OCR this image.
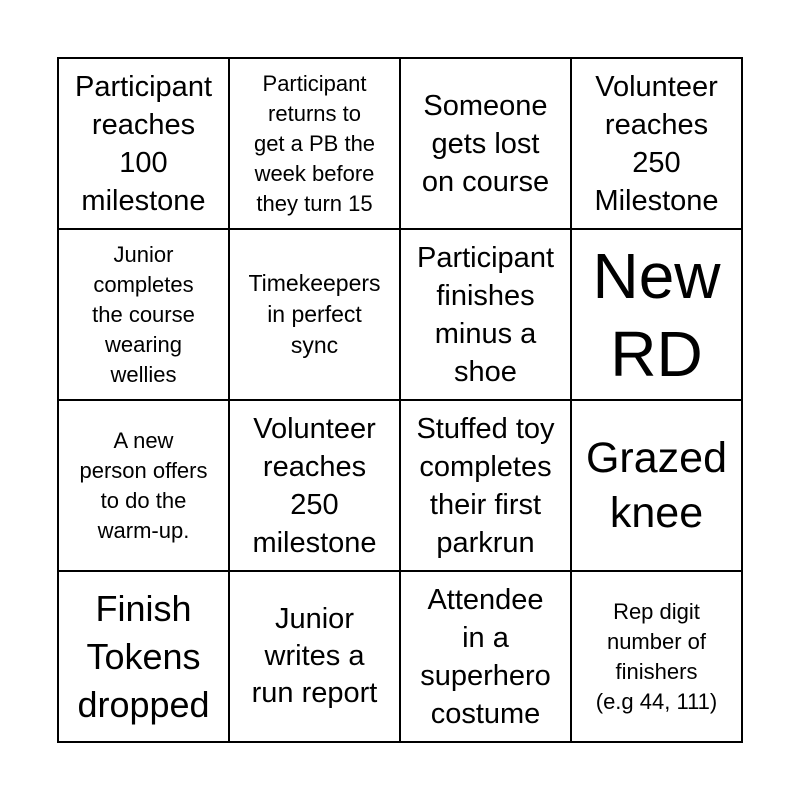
Participant
reaches
100
milestone
Participant
returns to
get a PB the
week before
they turn 15
Someone
gets lost
on course
Volunteer
reaches
250
Milestone
Junior
completes
the course
wearing
wellies
Timekeepers
in perfect
sync
Participant
finishes
minus a
shoe
New
RD
A new
person offers
to do the
warm-up.
Volunteer
reaches
250
milestone
Stuffed toy
completes
their first
parkrun
Grazed
knee
Finish
Tokens
dropped
Junior
writes a
run report
Attendee
in a
superhero
costume
Rep digit
number of
finishers
(e.g 44, 111)
